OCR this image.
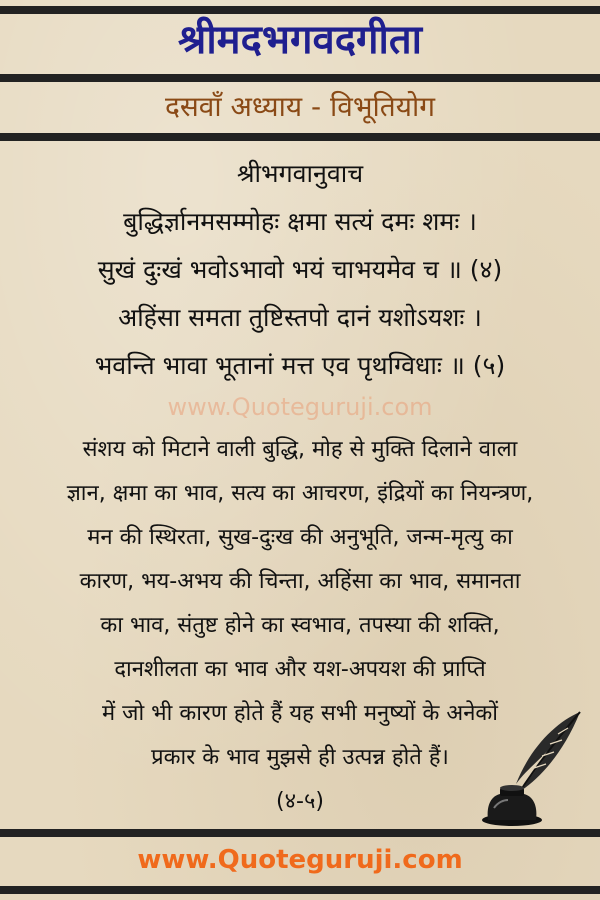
श्रीमदभगवदगीता
दसवाँ अध्याय - विभूतियोग
श्रीभगवानुवाच
बुद्धिर्ज्ञानमसम्मोहः क्षमा सत्यं दमः शमः ।
सुखं दुःखं भवोऽभावो भयं चाभयमेव च ॥ (४)
अहिंसा समता तुष्टिस्तपो दानं यशोऽयशः ।
भवन्ति भावा भूतानां मत्त एव पृथग्विधाः ॥ (५)
www.Quoteguruji.com
संशय को मिटाने वाली बुद्धि, मोह से मुक्ति दिलाने वाला
ज्ञान, क्षमा का भाव, सत्य का आचरण, इंद्रियों का नियन्त्रण,
मन की स्थिरता, सुख-दुःख की अनुभूति, जन्म-मृत्यु का
कारण, भय-अभय की चिन्ता, अहिंसा का भाव, समानता
का भाव, संतुष्ट होने का स्वभाव, तपस्या की शक्ति,
दानशीलता का भाव और यश-अपयश की प्राप्ति
में जो भी कारण होते हैं यह सभी मनुष्यों के अनेकों
प्रकार के भाव मुझसे ही उत्पन्न होते हैं।
(४-५)
www.Quoteguruji.com
